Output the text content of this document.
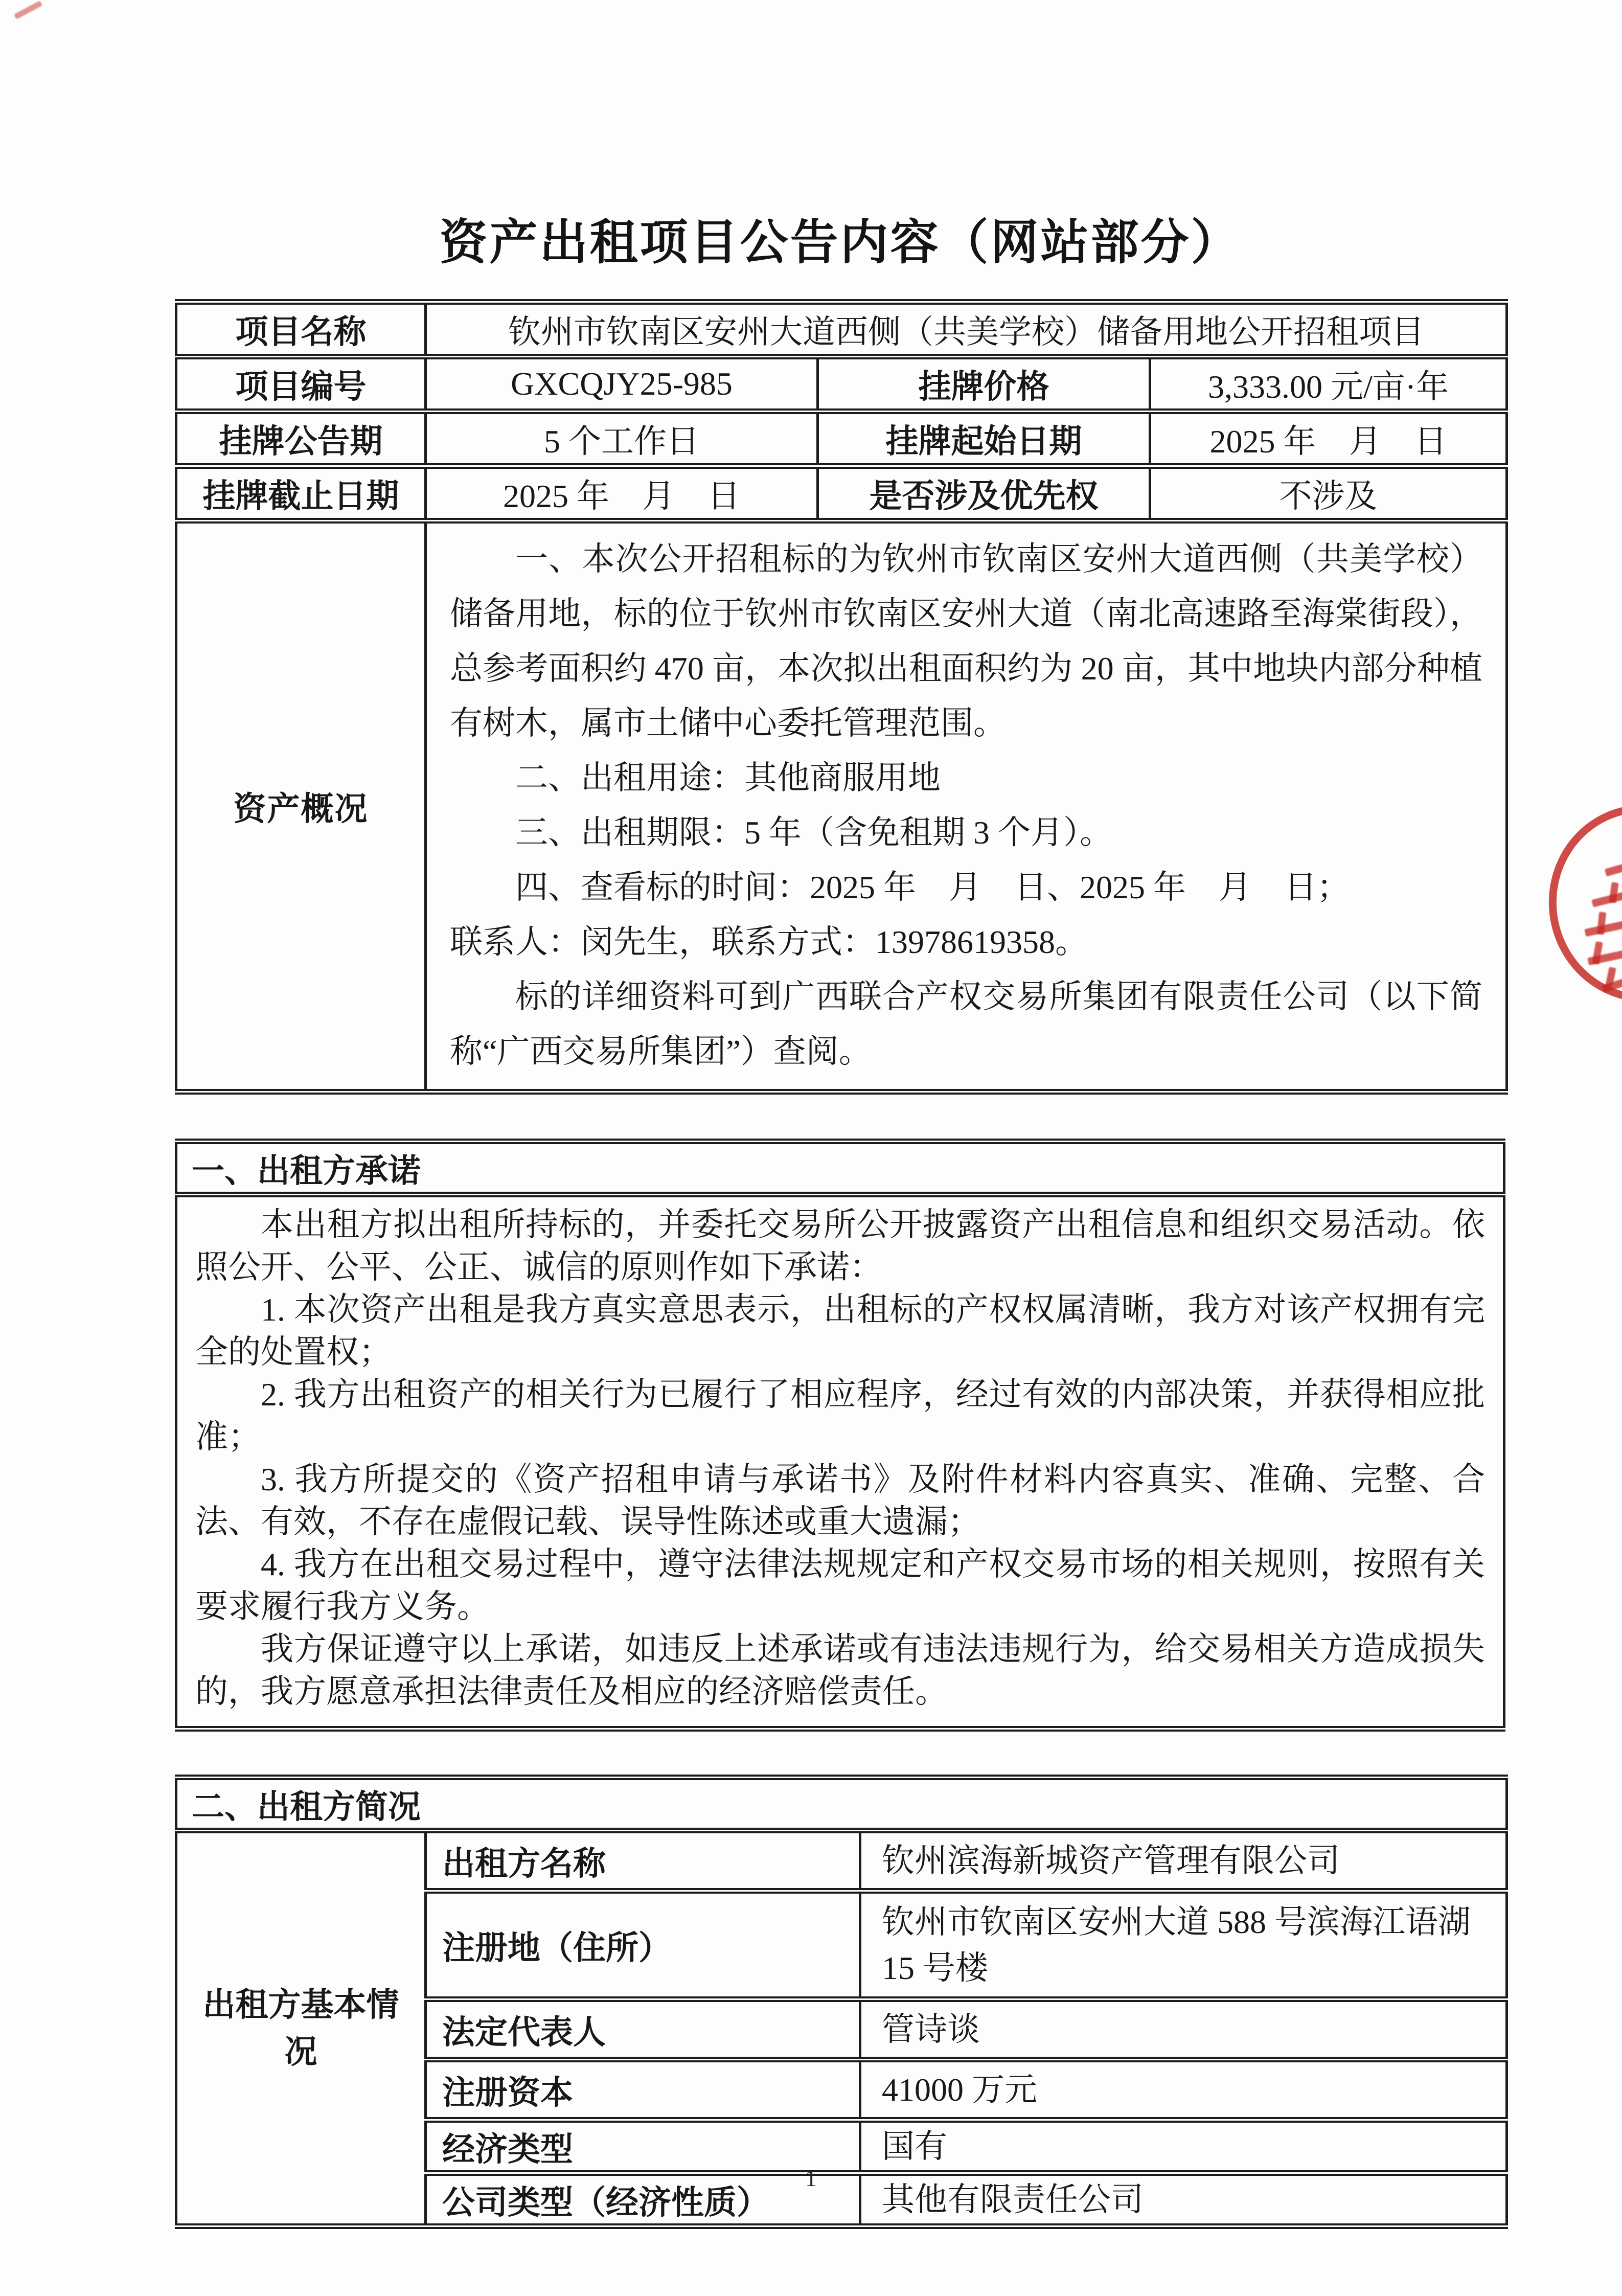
资产出租项目公告内容（网站部分）
项目名称	钦州市钦南区安州大道西侧（共美学校）储备用地公开招租项目		
项目编号	GXCQJY25-985	挂牌价格	3,333.00 元/亩·年
挂牌公告期	5 个工作日	挂牌起始日期	2025 年　月　日
挂牌截止日期	2025 年　月　日	是否涉及优先权	不涉及
资产概况	

一、本次公开招租标的为钦州市钦南区安州大道西侧（共美学校）储备用地，标的位于钦州市钦南区安州大道（南北高速路至海棠街段），总参考面积约 470 亩，本次拟出租面积约为 20 亩，其中地块内部分种植有树木，属市土储中心委托管理范围。

二、出租用途：其他商服用地

三、出租期限：5 年（含免租期 3 个月）。

四、查看标的时间：2025 年　月　日、2025 年　月　日；

联系人：闵先生，联系方式：13978619358。

标的详细资料可到广西联合产权交易所集团有限责任公司（以下简称“广西交易所集团”）查阅。

一、出租方承诺

本出租方拟出租所持标的，并委托交易所公开披露资产出租信息和组织交易活动。依照公开、公平、公正、诚信的原则作如下承诺：

1. 本次资产出租是我方真实意思表示，出租标的产权权属清晰，我方对该产权拥有完全的处置权；

2. 我方出租资产的相关行为已履行了相应程序，经过有效的内部决策，并获得相应批准；

3. 我方所提交的《资产招租申请与承诺书》及附件材料内容真实、准确、完整、合法、有效，不存在虚假记载、误导性陈述或重大遗漏；

4. 我方在出租交易过程中，遵守法律法规规定和产权交易市场的相关规则，按照有关要求履行我方义务。

我方保证遵守以上承诺，如违反上述承诺或有违法违规行为，给交易相关方造成损失的，我方愿意承担法律责任及相应的经济赔偿责任。

二、出租方简况		
出租方基本情况	出租方名称	钦州滨海新城资产管理有限公司
	注册地（住所）	钦州市钦南区安州大道 588 号滨海江语湖 15 号楼
	法定代表人	管诗谈
	注册资本	41000 万元
	经济类型	国有
	公司类型（经济性质）	其他有限责任公司
1
